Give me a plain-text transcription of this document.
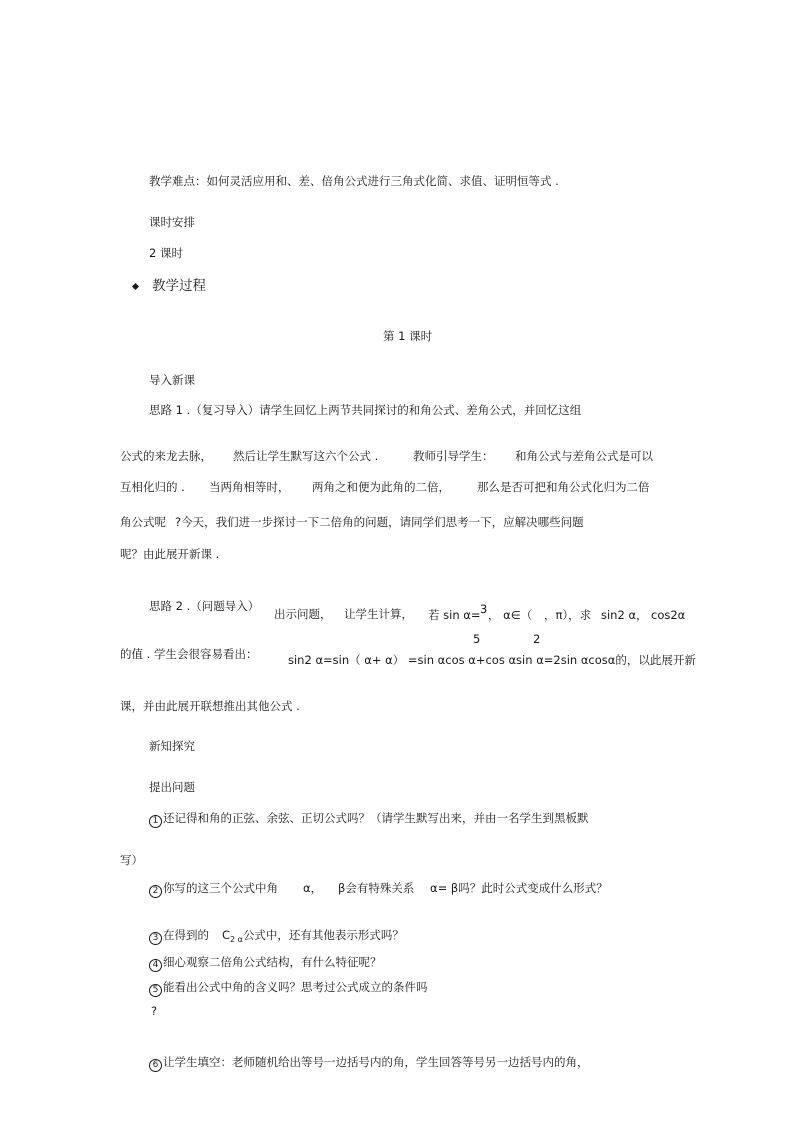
教学难点：如何灵活应用和、差、倍角公式进行三角式化简、求值、证明恒等式 .
课时安排
2 课时
教学过程
第 1 课时
导入新课
思路 1 .（复习导入）请学生回忆上两节共同探讨的和角公式、差角公式，并回忆这组
公式的来龙去脉， 然后让学生默写这六个公式 .	教师引导学生： 和角公式与差角公式是可以
互相化归的 . 当两角相等时， 两角之和便为此角的二倍， 那么是否可把和角公式化归为二倍
角公式呢 ?今天，我们进一步探讨一下二倍角的问题，请同学们思考一下，应解决哪些问题
呢？由此展开新课 .
思路 2 .（问题导入）
出示问题， 让学生计算， 若 sin α= 3
5
， α∈（
2
，π），求 sin2 α， cos2α
的值 . 学生会很容易看出：	sin2 α=sin（ α+ α） =sin αcos α+cos αsin α=2sin αcosα的，以此展开新
课，并由此展开联想推出其他公式 .
新知探究
提出问题
1 还记得和角的正弦、余弦、正切公式吗？（请学生默写出来，并由一名学生到黑板默
写）
2 你写的这三个公式中角 α， β会有特殊关系 α= β吗？此时公式变成什么形式？
3 在得到的 $C_{2 \alpha}$公式中，还有其他表示形式吗？
4 细心观察二倍角公式结构，有什么特征呢？
5 能看出公式中角的含义吗？思考过公式成立的条件吗
?
6 让学生填空：老师随机给出等号一边括号内的角，学生回答等号另一边括号内的角，
